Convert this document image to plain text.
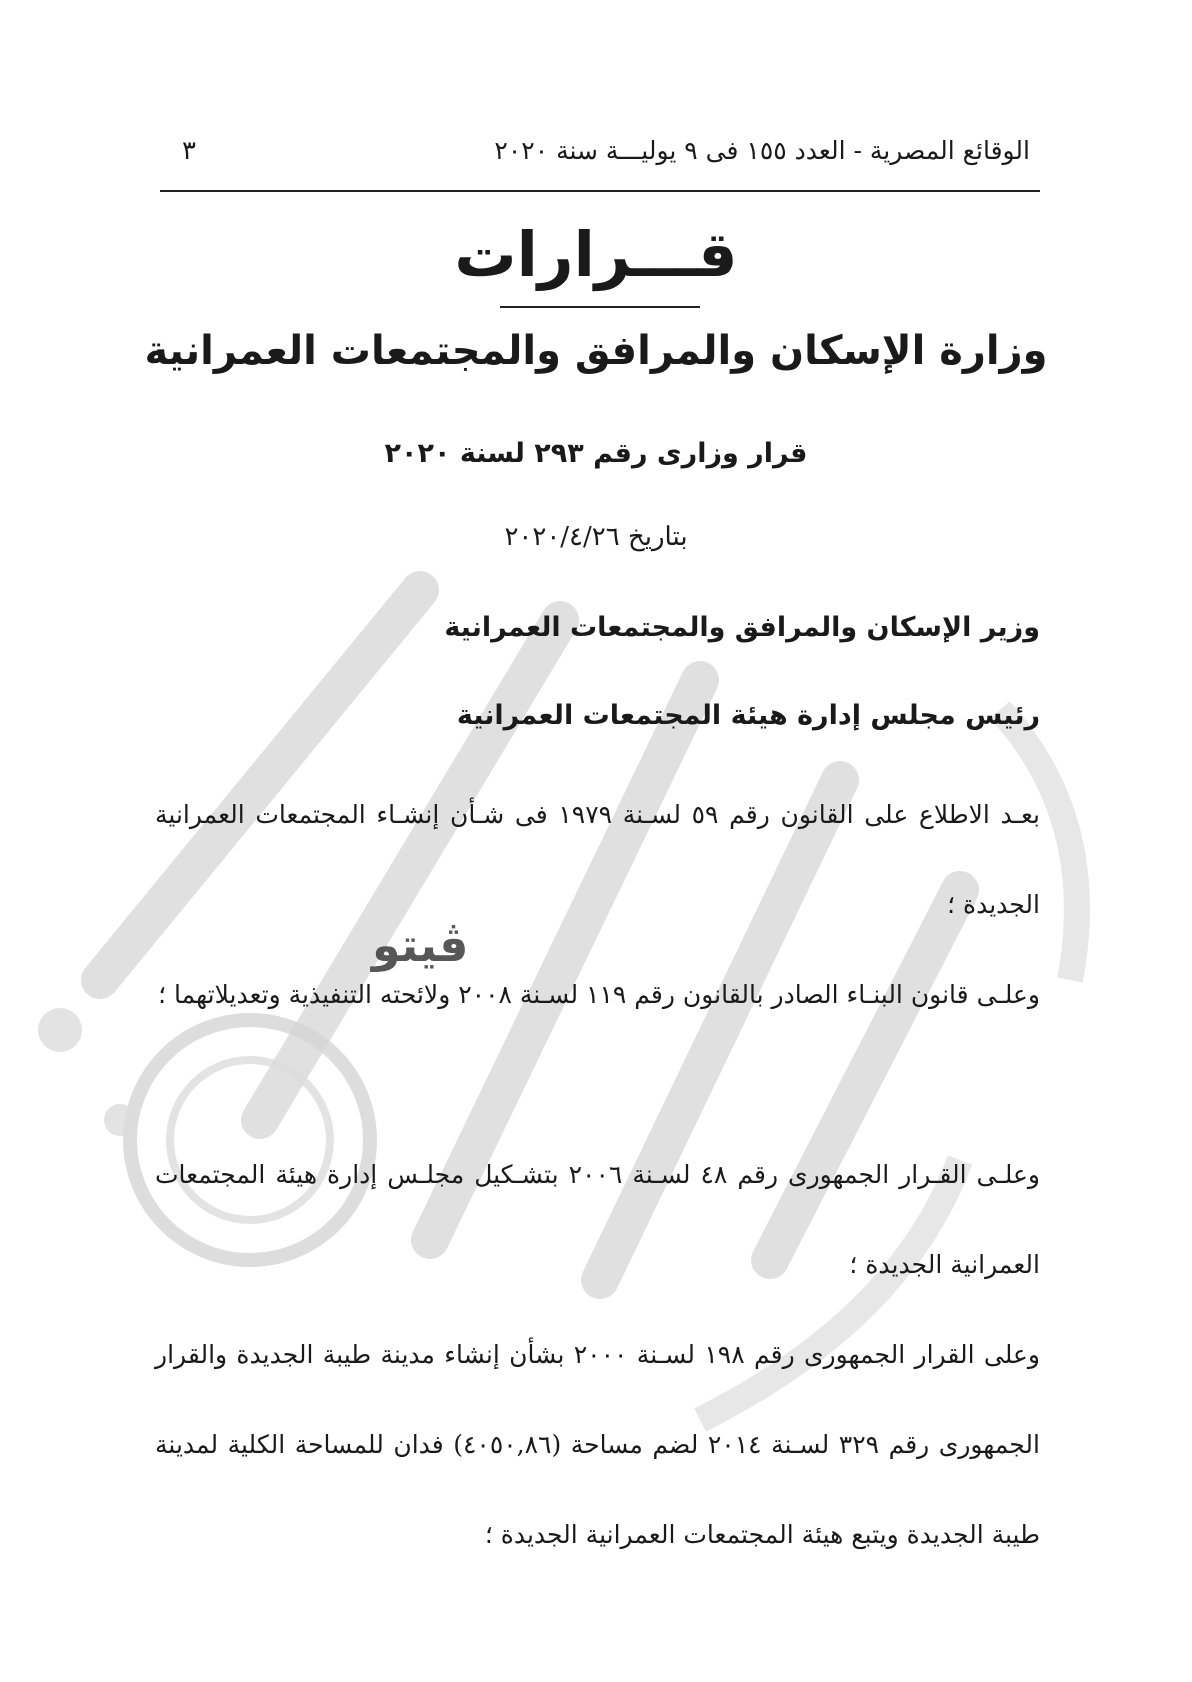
الوقائع المصرية - العدد ١٥٥ فى ٩ يوليـــة سنة ٢٠٢٠
٣
قـــرارات
وزارة الإسكان والمرافق والمجتمعات العمرانية
قرار وزارى رقم ٢٩٣ لسنة ٢٠٢٠
بتاريخ ٢٠٢٠/٤/٢٦
وزير الإسكان والمرافق والمجتمعات العمرانية
رئيس مجلس إدارة هيئة المجتمعات العمرانية

بعـد الاطلاع على القانون رقم ٥٩ لسـنة ١٩٧٩ فى شـأن إنشـاء المجتمعات العمرانية الجديدة ؛

وعلـى قانون البنـاء الصادر بالقانون رقم ١١٩ لسـنة ٢٠٠٨ ولائحته التنفيذية وتعديلاتهما ؛

وعلـى القـرار الجمهورى رقم ٤٨ لسـنة ٢٠٠٦ بتشـكيل مجلـس إدارة هيئة المجتمعات العمرانية الجديدة ؛

وعلى القرار الجمهورى رقم ١٩٨ لسـنة ٢٠٠٠ بشأن إنشاء مدينة طيبة الجديدة والقرار الجمهورى رقم ٣٢٩ لسـنة ٢٠١٤ لضم مساحة (٤٠٥٠,٨٦) فدان للمساحة الكلية لمدينة طيبة الجديدة ويتبع هيئة المجتمعات العمرانية الجديدة ؛

ڤيتو
